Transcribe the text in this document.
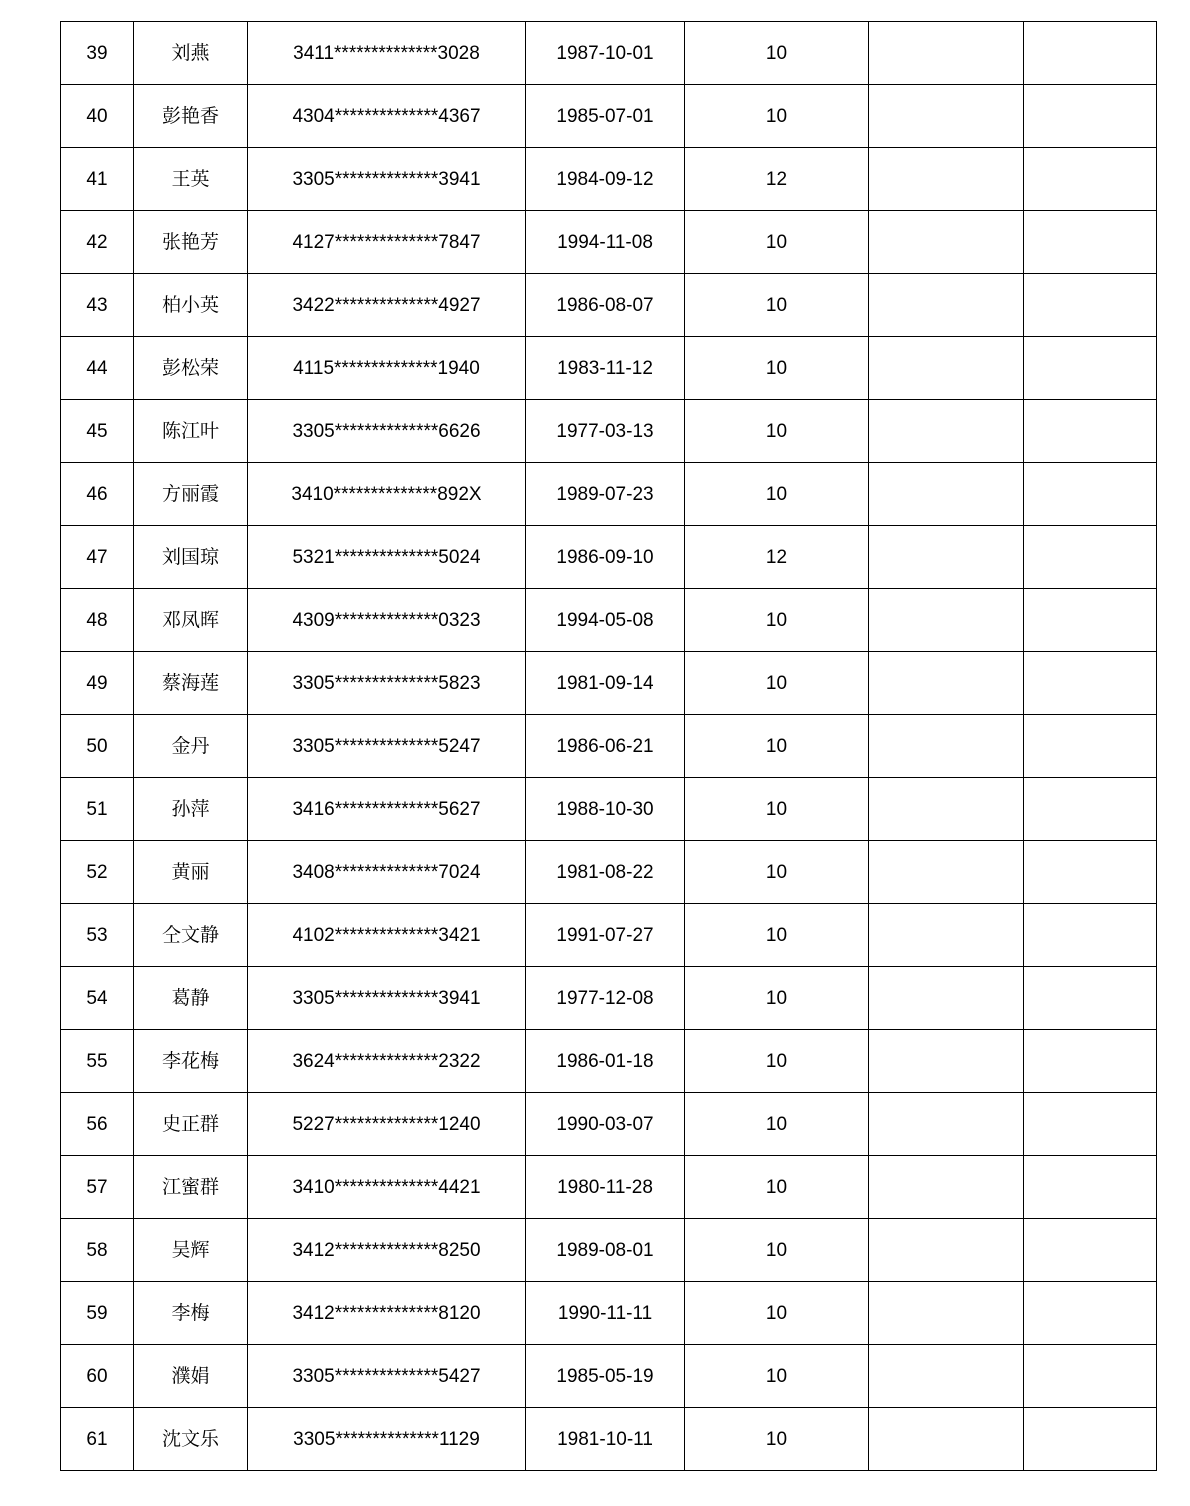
39	刘燕	3411**************3028	1987-10-01	10		
40	彭艳香	4304**************4367	1985-07-01	10		
41	王英	3305**************3941	1984-09-12	12		
42	张艳芳	4127**************7847	1994-11-08	10		
43	柏小英	3422**************4927	1986-08-07	10		
44	彭松荣	4115**************1940	1983-11-12	10		
45	陈江叶	3305**************6626	1977-03-13	10		
46	方丽霞	3410**************892X	1989-07-23	10		
47	刘国琼	5321**************5024	1986-09-10	12		
48	邓凤晖	4309**************0323	1994-05-08	10		
49	蔡海莲	3305**************5823	1981-09-14	10		
50	金丹	3305**************5247	1986-06-21	10		
51	孙萍	3416**************5627	1988-10-30	10		
52	黄丽	3408**************7024	1981-08-22	10		
53	仝文静	4102**************3421	1991-07-27	10		
54	葛静	3305**************3941	1977-12-08	10		
55	李花梅	3624**************2322	1986-01-18	10		
56	史正群	5227**************1240	1990-03-07	10		
57	江蜜群	3410**************4421	1980-11-28	10		
58	吴辉	3412**************8250	1989-08-01	10		
59	李梅	3412**************8120	1990-11-11	10		
60	濮娟	3305**************5427	1985-05-19	10		
61	沈文乐	3305**************1129	1981-10-11	10		
